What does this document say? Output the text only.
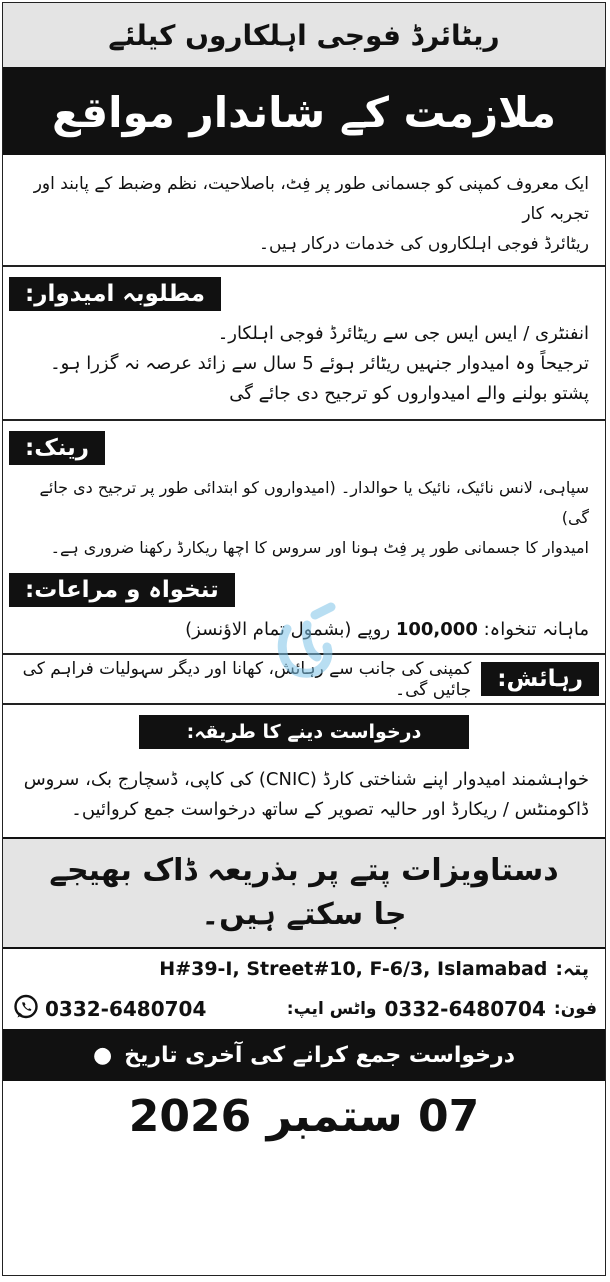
ریٹائرڈ فوجی اہلکاروں کیلئے
ملازمت کے شاندار مواقع
ایک معروف کمپنی کو جسمانی طور پر فِٹ، باصلاحیت، نظم وضبط کے پابند اور تجربہ کار
ریٹائرڈ فوجی اہلکاروں کی خدمات درکار ہیں۔
مطلوبہ امیدوار:
انفنٹری / ایس ایس جی سے ریٹائرڈ فوجی اہلکار۔
ترجیحاً وہ امیدوار جنہیں ریٹائر ہوئے 5 سال سے زائد عرصہ نہ گزرا ہو۔
پشتو بولنے والے امیدواروں کو ترجیح دی جائے گی
رینک:
سپاہی، لانس نائیک، نائیک یا حوالدار۔ (امیدواروں کو ابتدائی طور پر ترجیح دی جائے گی)
امیدوار کا جسمانی طور پر فِٹ ہونا اور سروس کا اچھا ریکارڈ رکھنا ضروری ہے۔
تنخواہ و مراعات:
ماہانہ تنخواہ: 100,000 روپے (بشمول تمام الاؤنسز)
رہائش:
کمپنی کی جانب سے رہائش، کھانا اور دیگر سہولیات فراہم کی جائیں گی۔
درخواست دینے کا طریقہ:
خواہشمند امیدوار اپنے شناختی کارڈ (CNIC) کی کاپی، ڈسچارج بک، سروس
ڈاکومنٹس / ریکارڈ اور حالیہ تصویر کے ساتھ درخواست جمع کروائیں۔
دستاویزات پتے پر بذریعہ ڈاک بھیجے
جا سکتے ہیں۔
H#39-I, Street#10, F-6/3, Islamabad پتہ:
0332-6480704	واٹس ایپ: 0332-6480704 فون:
درخواست جمع کرانے کی آخری تاریخ
●
07 ستمبر 2026
